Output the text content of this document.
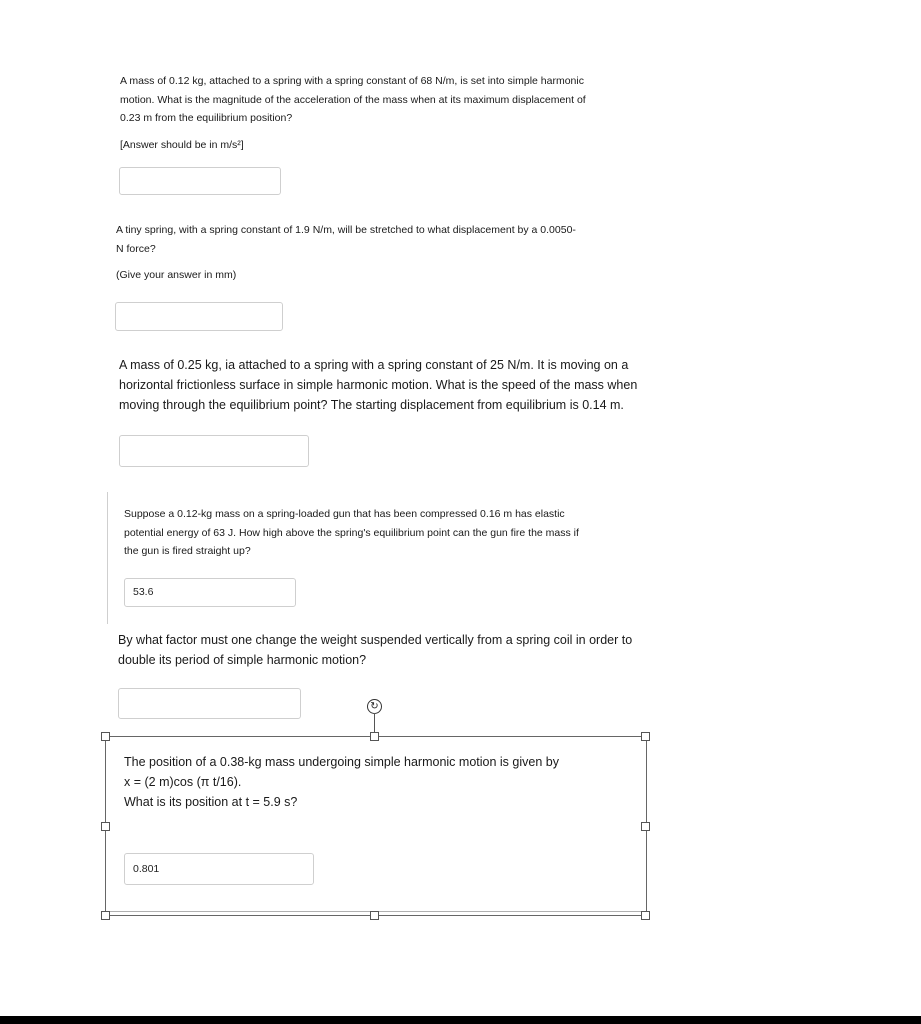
A mass of 0.12 kg, attached to a spring with a spring constant of 68 N/m, is set into simple harmonic

motion. What is the magnitude of the acceleration of the mass when at its maximum displacement of

0.23 m from the equilibrium position?

[Answer should be in m/s²]

A tiny spring, with a spring constant of 1.9 N/m, will be stretched to what displacement by a 0.0050-

N force?

(Give your answer in mm)

A mass of 0.25 kg, ia attached to a spring with a spring constant of 25 N/m. It is moving on a

horizontal frictionless surface in simple harmonic motion. What is the speed of the mass when

moving through the equilibrium point? The starting displacement from equilibrium is 0.14 m.

Suppose a 0.12-kg mass on a spring-loaded gun that has been compressed 0.16 m has elastic

potential energy of 63 J. How high above the spring's equilibrium point can the gun fire the mass if

the gun is fired straight up?

53.6

By what factor must one change the weight suspended vertically from a spring coil in order to

double its period of simple harmonic motion?

↻

The position of a 0.38-kg mass undergoing simple harmonic motion is given by

x = (2 m)cos (π t/16).

What is its position at t = 5.9 s?

0.801
